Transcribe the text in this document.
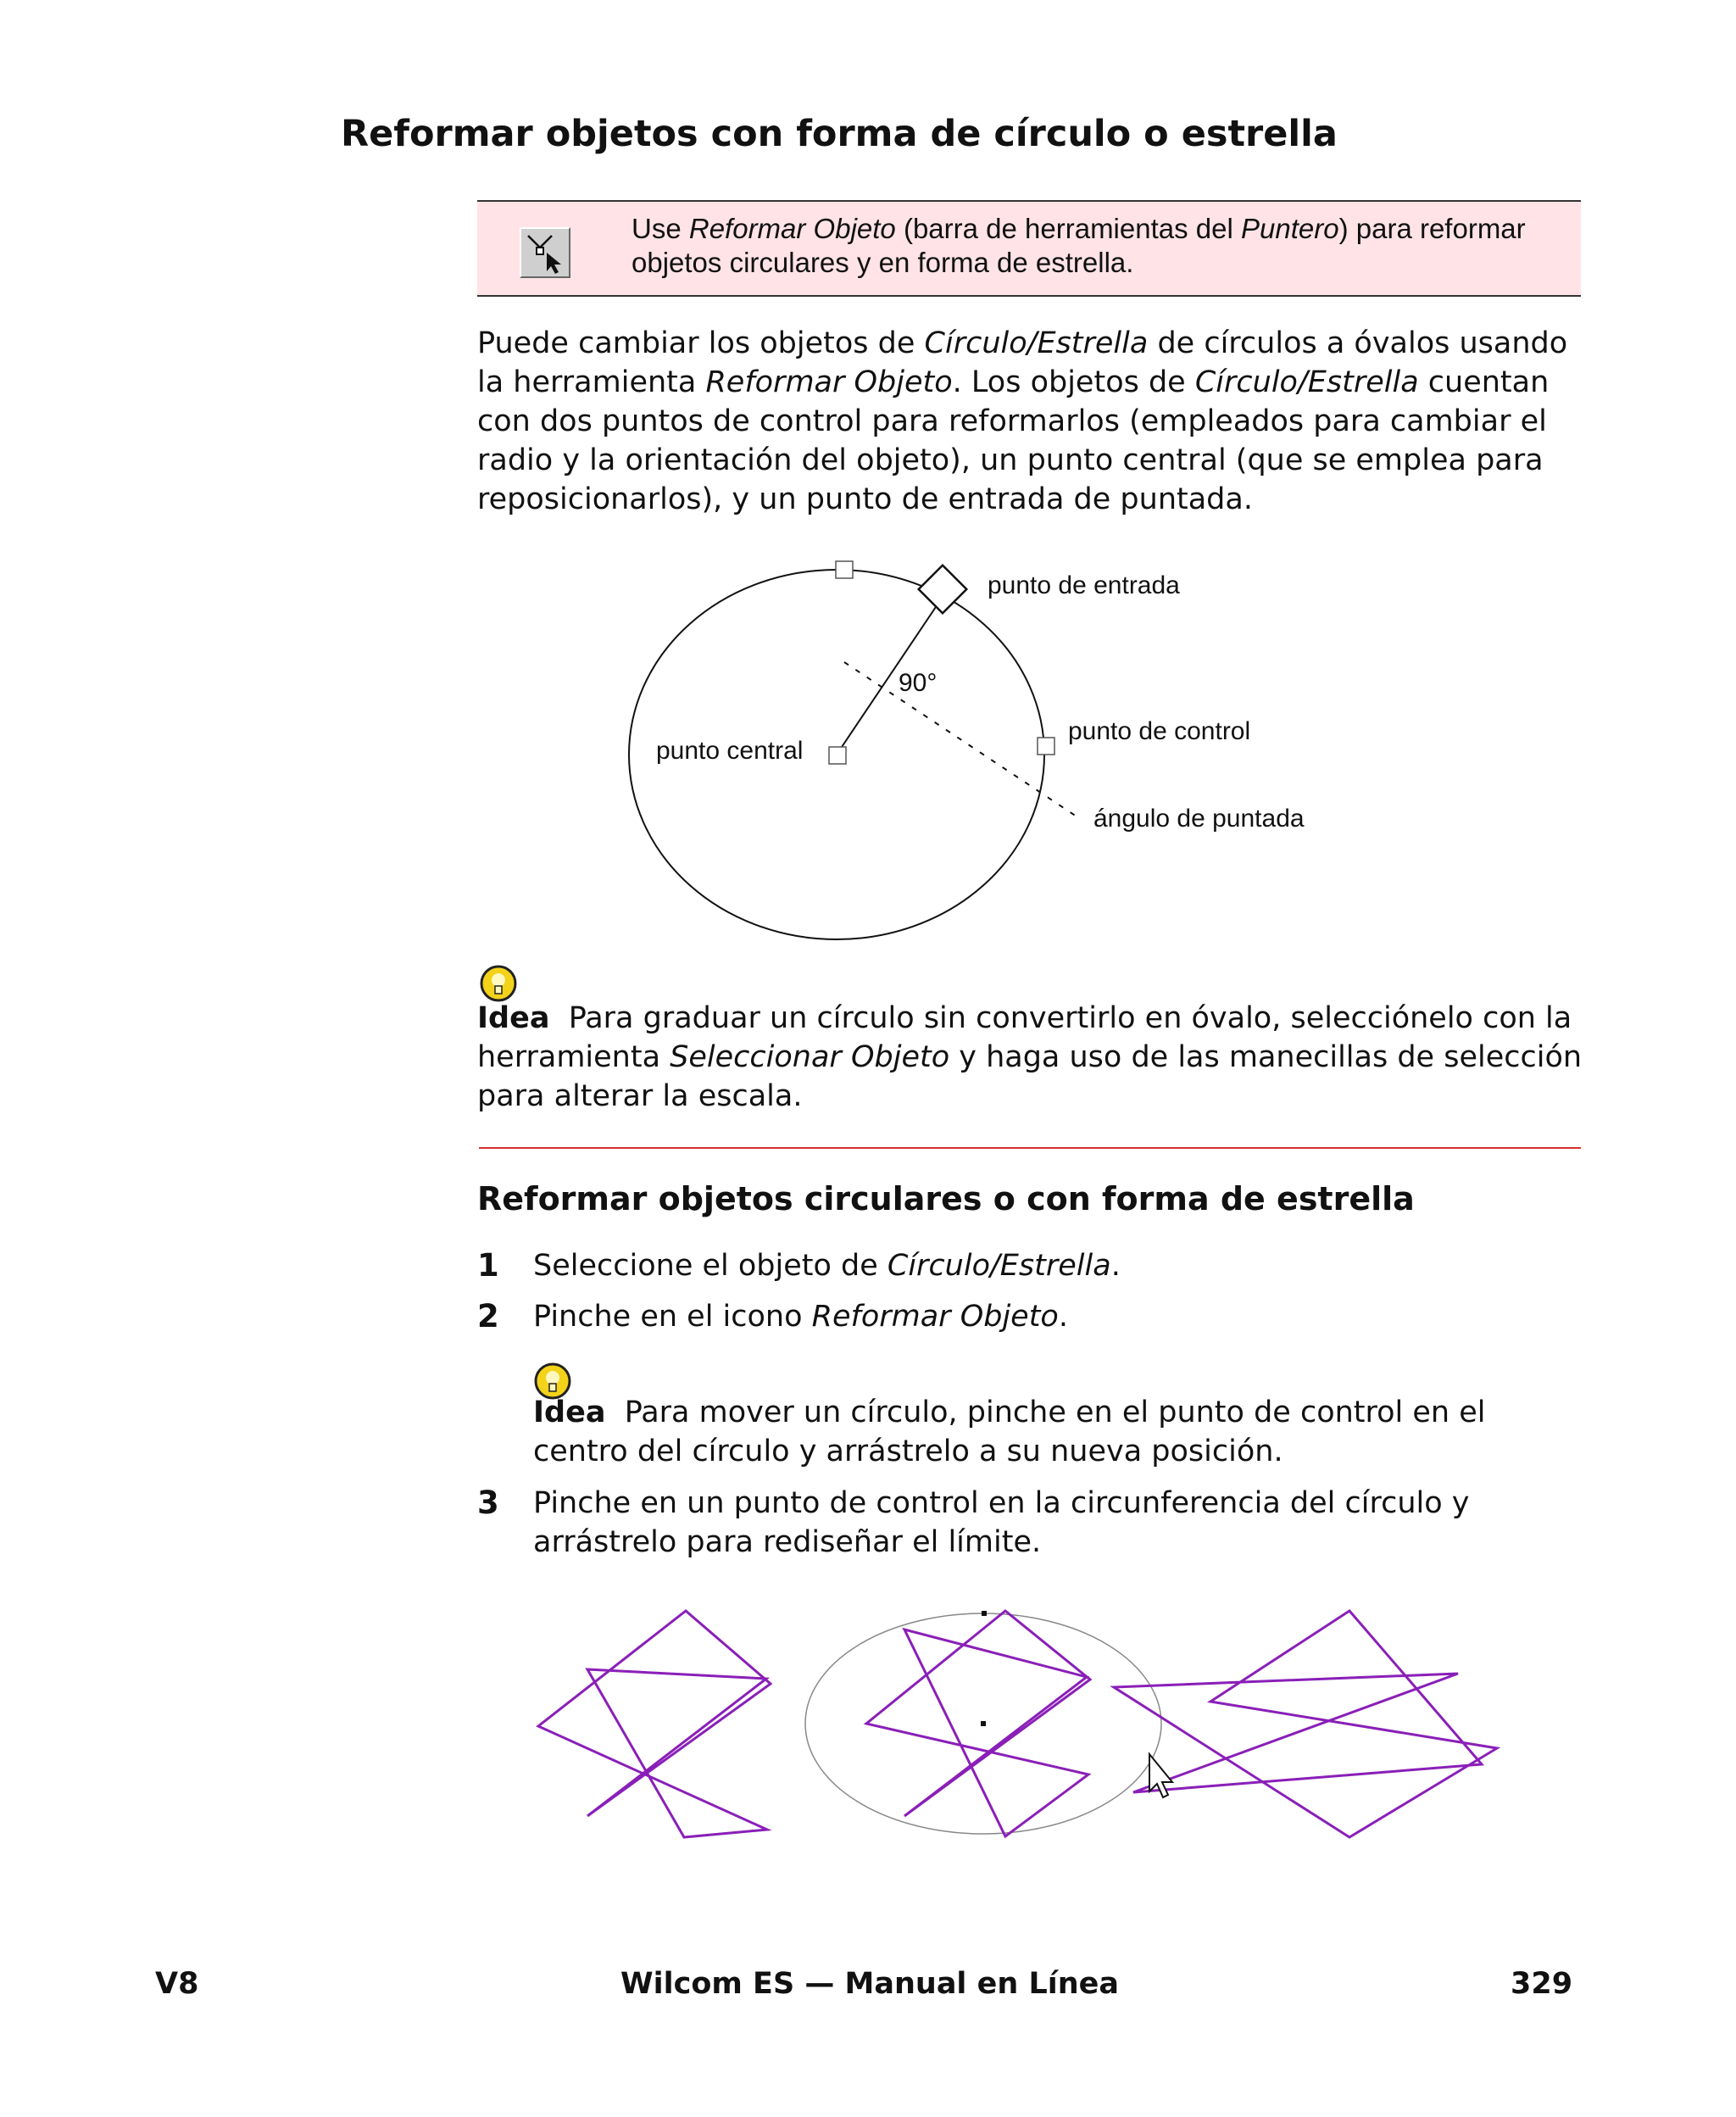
Reformar objetos con forma de círculo o estrella
Use Reformar Objeto (barra de herramientas del Puntero) para reformar objetos circulares y en forma de estrella.

Puede cambiar los objetos de Círculo/Estrella de círculos a óvalos usando la herramienta Reformar Objeto. Los objetos de Círculo/Estrella cuentan con dos puntos de control para reformarlos (empleados para cambiar el radio y la orientación del objeto), un punto central (que se emplea para reposicionarlos), y un punto de entrada de puntada.

punto de entrada
90°
punto central
punto de control
ángulo de puntada

Idea  Para graduar un círculo sin convertirlo en óvalo, selecciónelo con la herramienta Seleccionar Objeto y haga uso de las manecillas de selección para alterar la escala.

Reformar objetos circulares o con forma de estrella
1 Seleccione el objeto de Círculo/Estrella.
2 Pinche en el icono Reformar Objeto.

Idea  Para mover un círculo, pinche en el punto de control en el centro del círculo y arrástrelo a su nueva posición.

3 Pinche en un punto de control en la circunferencia del círculo y arrástrelo para rediseñar el límite.
V8	Wilcom ES — Manual en Línea	329
